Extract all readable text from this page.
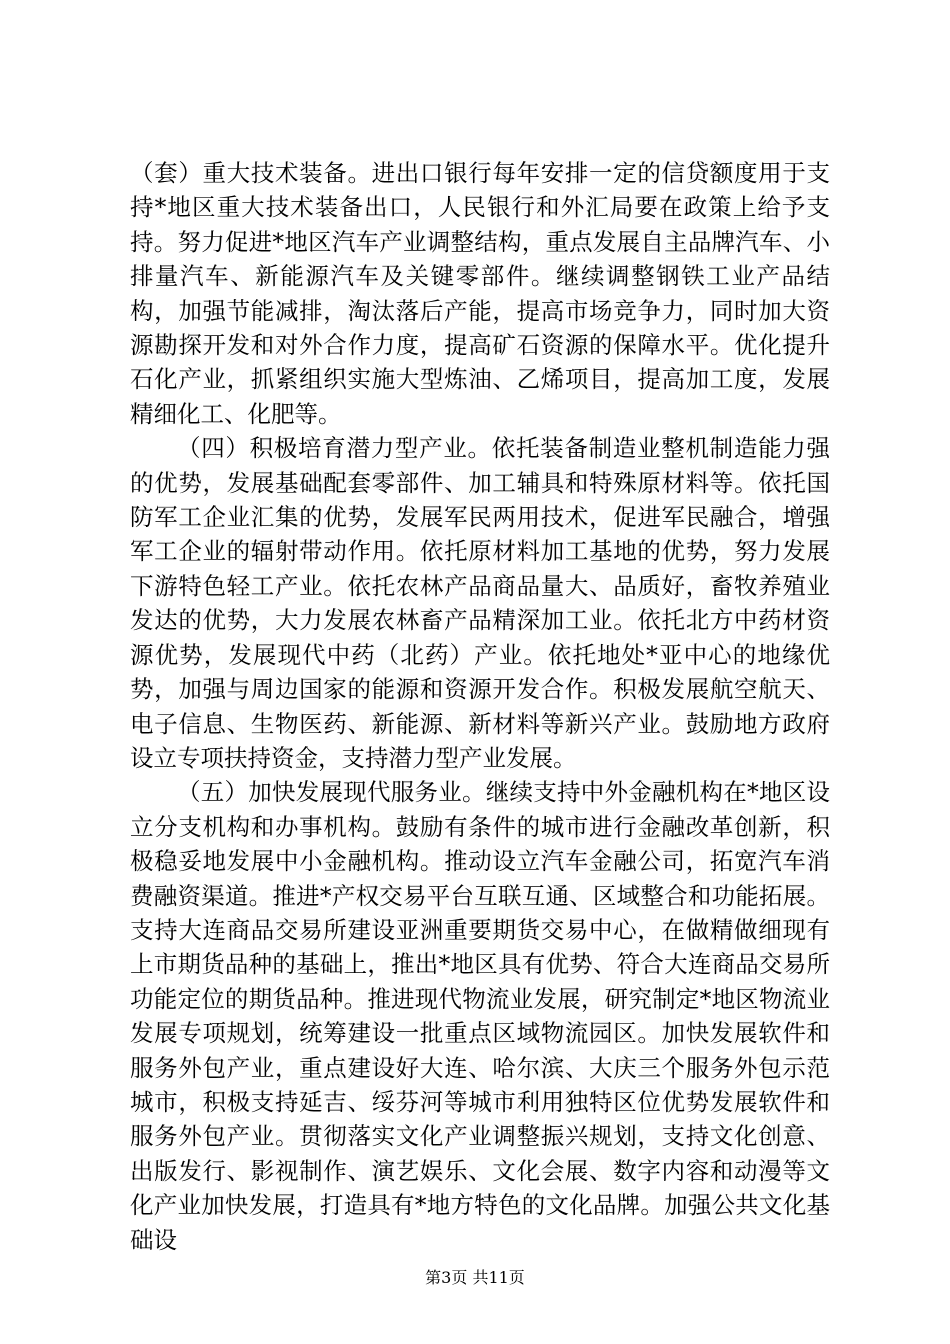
（套）重大技术装备。进出口银行每年安排一定的信贷额度用于支持*地区重大技术装备出口，人民银行和外汇局要在政策上给予支持。努力促进*地区汽车产业调整结构，重点发展自主品牌汽车、小排量汽车、新能源汽车及关键零部件。继续调整钢铁工业产品结构，加强节能减排，淘汰落后产能，提高市场竞争力，同时加大资源勘探开发和对外合作力度，提高矿石资源的保障水平。优化提升石化产业，抓紧组织实施大型炼油、乙烯项目，提高加工度，发展精细化工、化肥等。

（四）积极培育潜力型产业。依托装备制造业整机制造能力强的优势，发展基础配套零部件、加工辅具和特殊原材料等。依托国防军工企业汇集的优势，发展军民两用技术，促进军民融合，增强军工企业的辐射带动作用。依托原材料加工基地的优势，努力发展下游特色轻工产业。依托农林产品商品量大、品质好，畜牧养殖业发达的优势，大力发展农林畜产品精深加工业。依托北方中药材资源优势，发展现代中药（北药）产业。依托地处*亚中心的地缘优势，加强与周边国家的能源和资源开发合作。积极发展航空航天、电子信息、生物医药、新能源、新材料等新兴产业。鼓励地方政府设立专项扶持资金，支持潜力型产业发展。

（五）加快发展现代服务业。继续支持中外金融机构在*地区设立分支机构和办事机构。鼓励有条件的城市进行金融改革创新，积极稳妥地发展中小金融机构。推动设立汽车金融公司，拓宽汽车消费融资渠道。推进*产权交易平台互联互通、区域整合和功能拓展。支持大连商品交易所建设亚洲重要期货交易中心，在做精做细现有上市期货品种的基础上，推出*地区具有优势、符合大连商品交易所功能定位的期货品种。推进现代物流业发展，研究制定*地区物流业发展专项规划，统筹建设一批重点区域物流园区。加快发展软件和服务外包产业，重点建设好大连、哈尔滨、大庆三个服务外包示范城市，积极支持延吉、绥芬河等城市利用独特区位优势发展软件和服务外包产业。贯彻落实文化产业调整振兴规划，支持文化创意、出版发行、影视制作、演艺娱乐、文化会展、数字内容和动漫等文化产业加快发展，打造具有*地方特色的文化品牌。加强公共文化基础设

第3页 共11页
